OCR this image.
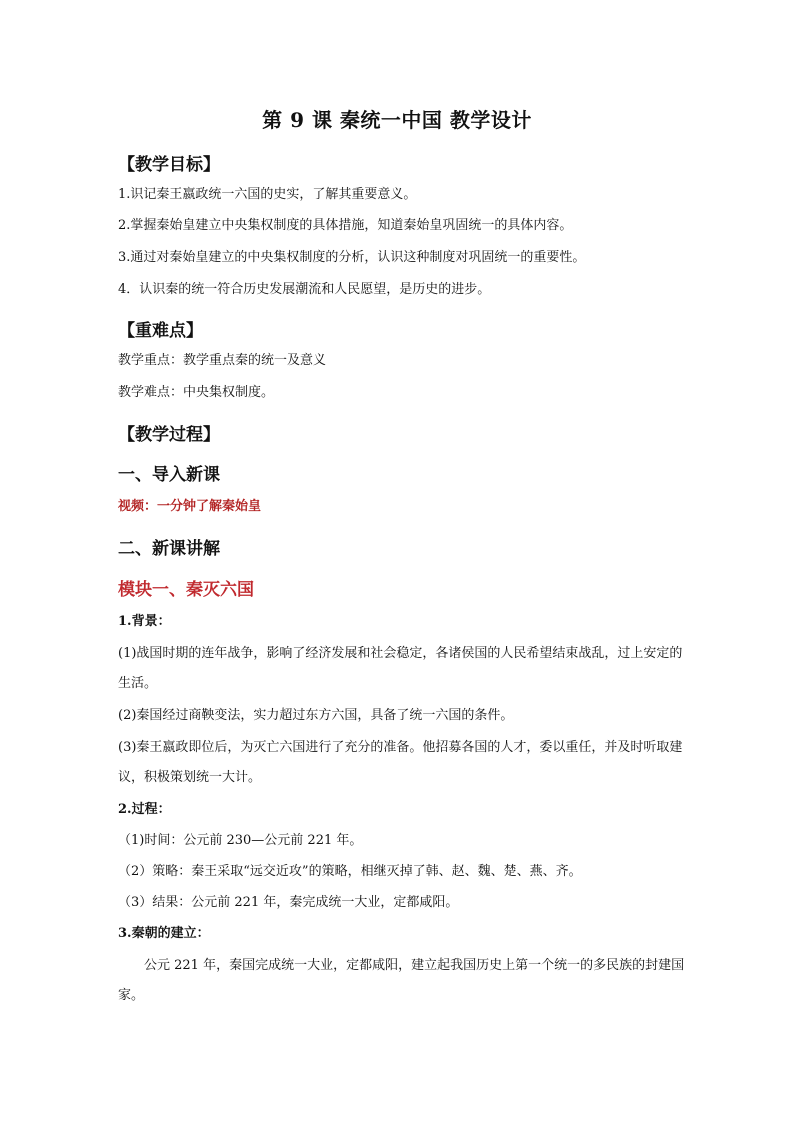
第 9 课 秦统一中国 教学设计
【教学目标】
1.识记秦王嬴政统一六国的史实，了解其重要意义。
2.掌握秦始皇建立中央集权制度的具体措施，知道秦始皇巩固统一的具体内容。
3.通过对秦始皇建立的中央集权制度的分析，认识这种制度对巩固统一的重要性。
4．认识秦的统一符合历史发展潮流和人民愿望，是历史的进步。
【重难点】
教学重点：教学重点秦的统一及意义
教学难点：中央集权制度。
【教学过程】
一、导入新课
视频：一分钟了解秦始皇
二、新课讲解
模块一、秦灭六国
1.背景：
(1)战国时期的连年战争，影响了经济发展和社会稳定，各诸侯国的人民希望结束战乱，过上安定的生活。
(2)秦国经过商鞅变法，实力超过东方六国，具备了统一六国的条件。
(3)秦王嬴政即位后，为灭亡六国进行了充分的准备。他招募各国的人才，委以重任，并及时听取建议，积极策划统一大计。
2.过程：
（1)时间：公元前 230—公元前 221 年。
（2）策略：秦王采取“远交近攻”的策略，相继灭掉了韩、赵、魏、楚、燕、齐。
（3）结果：公元前 221 年，秦完成统一大业，定都咸阳。
3.秦朝的建立：
公元 221 年，秦国完成统一大业，定都咸阳，建立起我国历史上第一个统一的多民族的封建国家。
